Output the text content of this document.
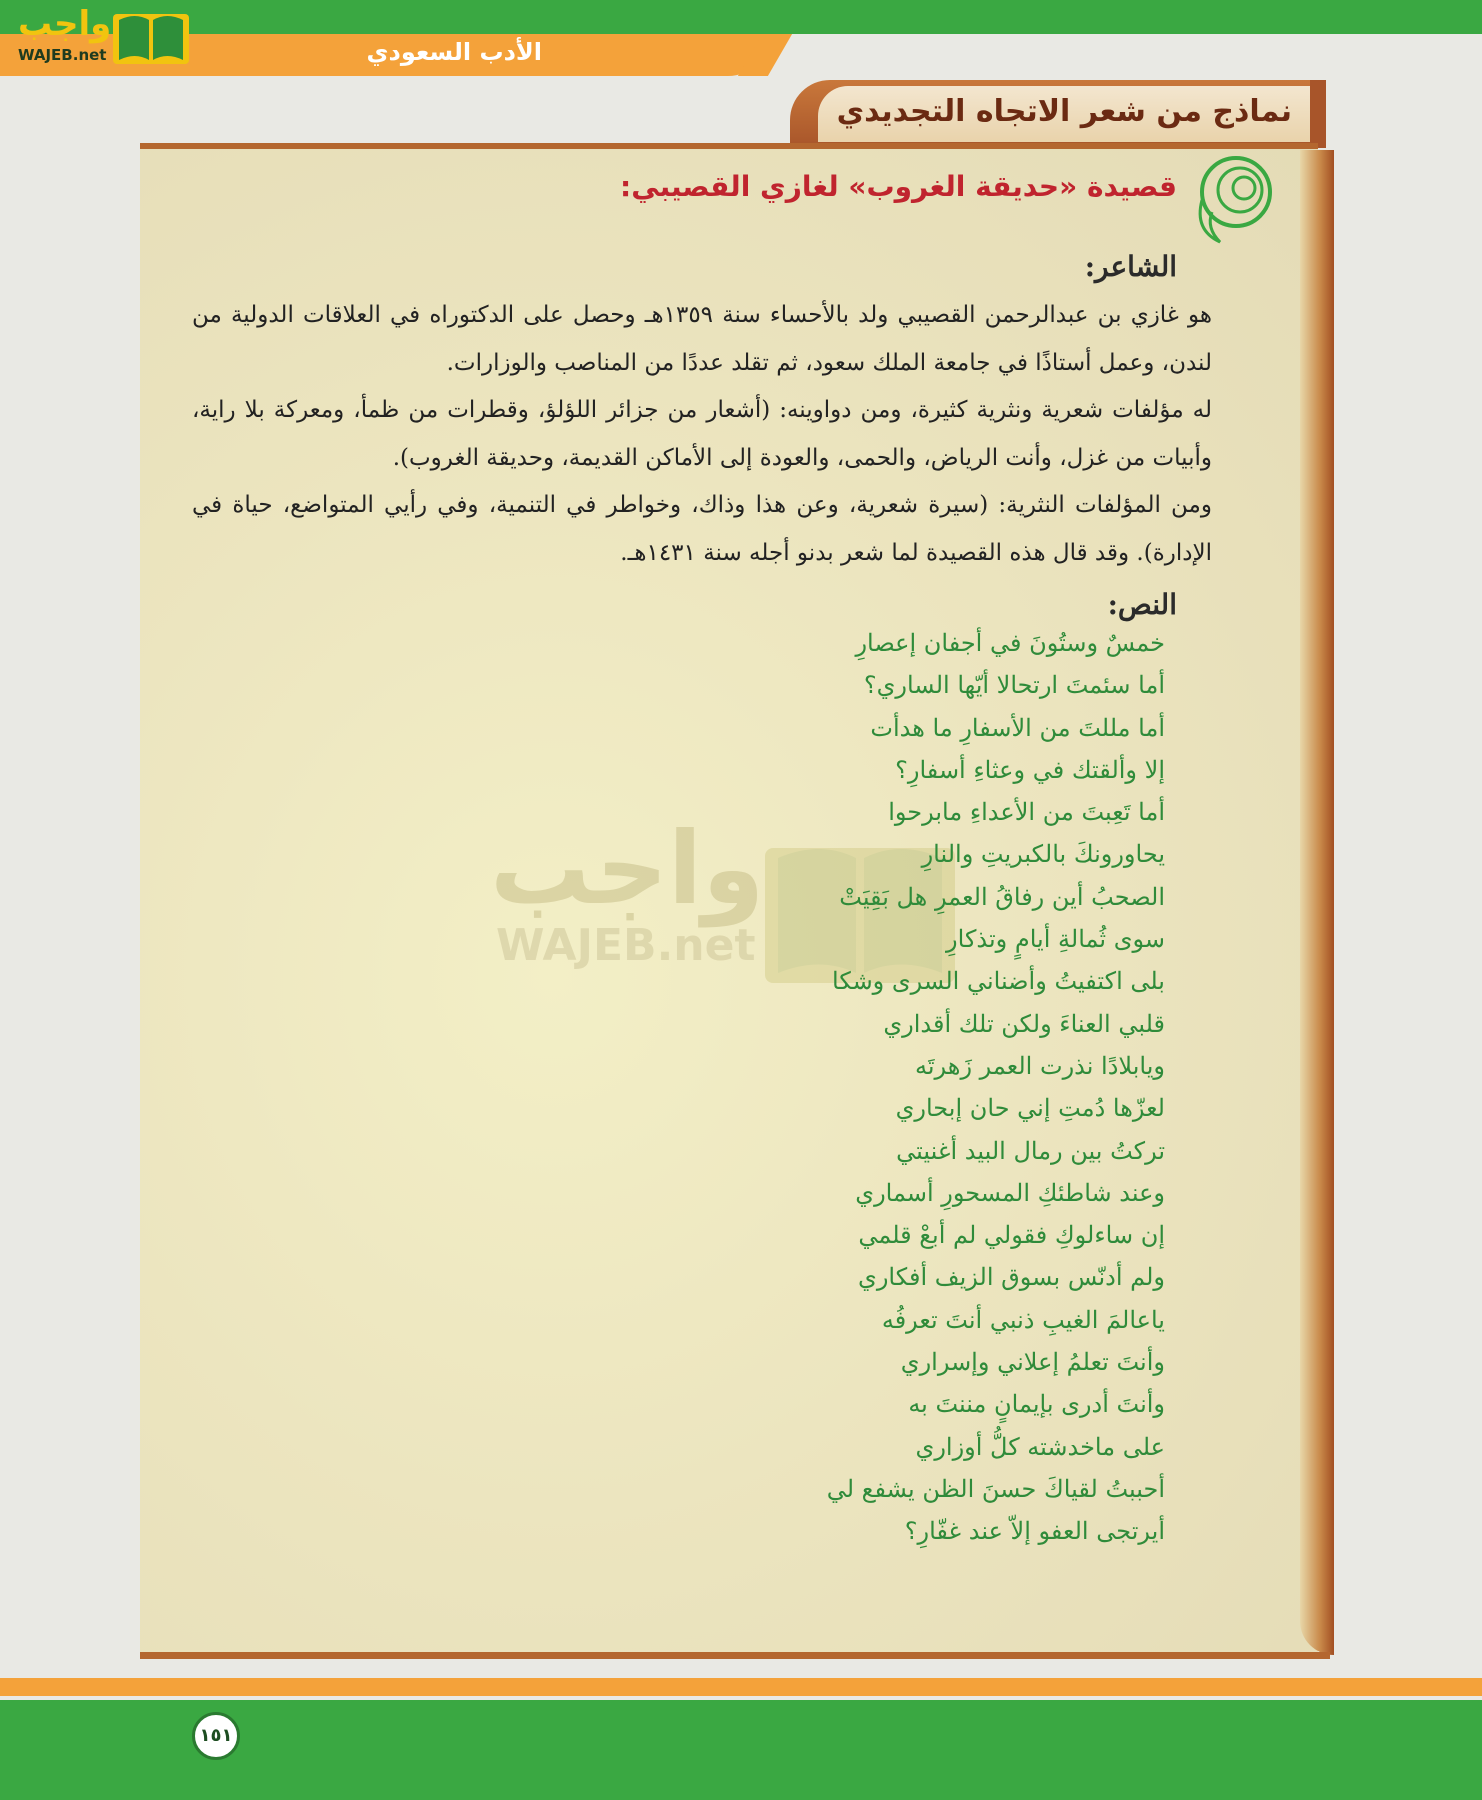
الأدب السعودي
واجب
WAJEB.net
نماذج من شعر الاتجاه التجديدي
واجب
WAJEB.net
قصيدة «حديقة الغروب» لغازي القصيبي:
الشاعر:

هو غازي بن عبدالرحمن القصيبي ولد بالأحساء سنة ١٣٥٩هـ وحصل على الدكتوراه في العلاقات الدولية من لندن، وعمل أستاذًا في جامعة الملك سعود، ثم تقلد عددًا من المناصب والوزارات.

له مؤلفات شعرية ونثرية كثيرة، ومن دواوينه: (أشعار من جزائر اللؤلؤ، وقطرات من ظمأ، ومعركة بلا راية، وأبيات من غزل، وأنت الرياض، والحمى، والعودة إلى الأماكن القديمة، وحديقة الغروب).

ومن المؤلفات النثرية: (سيرة شعرية، وعن هذا وذاك، وخواطر في التنمية، وفي رأيي المتواضع، حياة في الإدارة). وقد قال هذه القصيدة لما شعر بدنو أجله سنة ١٤٣١هـ.

النص:
خمسٌ وستُونَ في أجفان إعصارِ
أما سئمتَ ارتحالا أيّها الساري؟
أما مللتَ من الأسفارِ ما هدأت
إلا وألقتك في وعثاءِ أسفارِ؟
أما تَعِبتَ من الأعداءِ مابرحوا
يحاورونكَ بالكبريتِ والنارِ
الصحبُ أين رفاقُ العمرِ هل بَقِيَتْ
سوى ثُمالةِ أيامٍ وتذكارِ
بلى اكتفيتُ وأضناني السرى وشكا
قلبي العناءَ ولكن تلك أقداري
ويابلادًا نذرت العمر زَهرتَه
لعزّها دُمتِ إني حان إبحاري
تركتُ بين رمال البيد أغنيتي
وعند شاطئكِ المسحورِ أسماري
إن ساءلوكِ فقولي لم أبعْ قلمي
ولم أدنّس بسوق الزيف أفكاري
ياعالمَ الغيبِ ذنبي أنتَ تعرفُه
وأنتَ تعلمُ إعلاني وإسراري
وأنتَ أدرى بإيمانٍ مننتَ به
على ماخدشته كلُّ أوزاري
أحببتُ لقياكَ حسنَ الظن يشفع لي
أيرتجى العفو إلاّ عند غفّارِ؟
١٥١
